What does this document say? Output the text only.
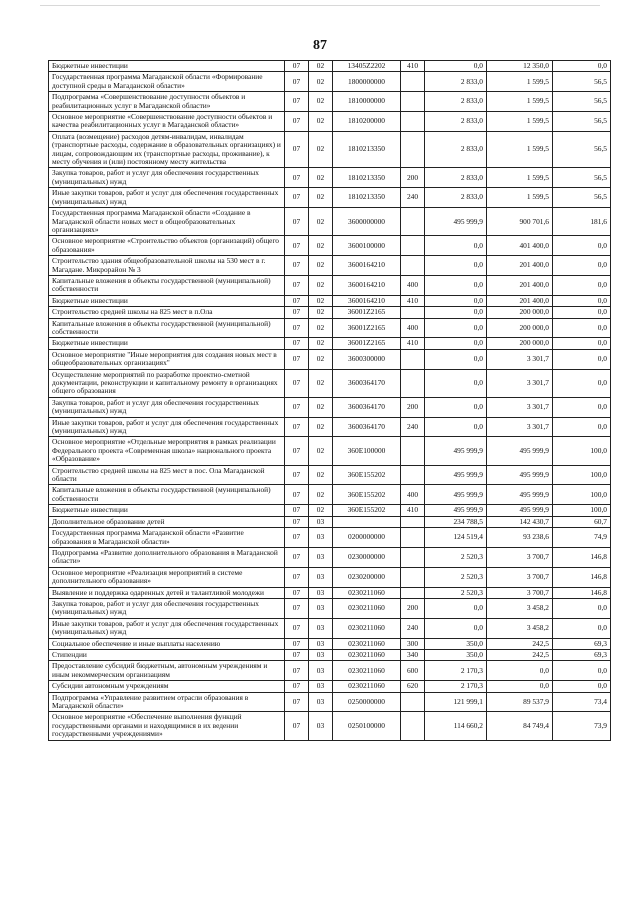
87
Бюджетные инвестиции	07	02	13405Z2202	410	0,0	12 350,0	0,0
Государственная программа Магаданской области «Формирование доступной среды в Магаданской области»	07	02	1800000000		2 833,0	1 599,5	56,5
Подпрограмма «Совершенствование доступности объектов и реабилитационных услуг в Магаданской области»	07	02	1810000000		2 833,0	1 599,5	56,5
Основное мероприятие «Совершенствование доступности объектов и качества реабилитационных услуг в Магаданской области»	07	02	1810200000		2 833,0	1 599,5	56,5
Оплата (возмещение) расходов детям-инвалидам, инвалидам (транспортные расходы, содержание в образовательных организациях) и лицам, сопровождающим их (транспортные расходы, проживание), к месту обучения и (или) постоянному месту жительства	07	02	1810213350		2 833,0	1 599,5	56,5
Закупка товаров, работ и услуг для обеспечения государственных (муниципальных) нужд	07	02	1810213350	200	2 833,0	1 599,5	56,5
Иные закупки товаров, работ и услуг для обеспечения государственных (муниципальных) нужд	07	02	1810213350	240	2 833,0	1 599,5	56,5
Государственная программа Магаданской области «Создание в Магаданской области новых мест в общеобразовательных организациях»	07	02	3600000000		495 999,9	900 701,6	181,6
Основное мероприятие «Строительство объектов (организаций) общего образования»	07	02	3600100000		0,0	401 400,0	0,0
Строительство здания общеобразовательной школы на 530 мест в г. Магадане. Микрорайон № 3	07	02	3600164210		0,0	201 400,0	0,0
Капитальные вложения в объекты государственной (муниципальной) собственности	07	02	3600164210	400	0,0	201 400,0	0,0
Бюджетные инвестиции	07	02	3600164210	410	0,0	201 400,0	0,0
Строительство средней школы на 825 мест в п.Ола	07	02	36001Z2165		0,0	200 000,0	0,0
Капитальные вложения в объекты государственной (муниципальной) собственности	07	02	36001Z2165	400	0,0	200 000,0	0,0
Бюджетные инвестиции	07	02	36001Z2165	410	0,0	200 000,0	0,0
Основное мероприятие "Иные мероприятия для создания новых мест в общеобразовательных организациях"	07	02	3600300000		0,0	3 301,7	0,0
Осуществление мероприятий по разработке проектно-сметной документации, реконструкции и капитальному ремонту в организациях общего образования	07	02	3600364170		0,0	3 301,7	0,0
Закупка товаров, работ и услуг для обеспечения государственных (муниципальных) нужд	07	02	3600364170	200	0,0	3 301,7	0,0
Иные закупки товаров, работ и услуг для обеспечения государственных (муниципальных) нужд	07	02	3600364170	240	0,0	3 301,7	0,0
Основное мероприятие «Отдельные мероприятия в рамках реализации Федерального проекта «Современная школа» национального проекта «Образование»	07	02	360E100000		495 999,9	495 999,9	100,0
Строительство средней школы на 825 мест в пос. Ола Магаданской области	07	02	360E155202		495 999,9	495 999,9	100,0
Капитальные вложения в объекты государственной (муниципальной) собственности	07	02	360E155202	400	495 999,9	495 999,9	100,0
Бюджетные инвестиции	07	02	360E155202	410	495 999,9	495 999,9	100,0
Дополнительное образование детей	07	03			234 788,5	142 430,7	60,7
Государственная программа Магаданской области «Развитие образования в Магаданской области»	07	03	0200000000		124 519,4	93 238,6	74,9
Подпрограмма «Развитие дополнительного образования в Магаданской области»	07	03	0230000000		2 520,3	3 700,7	146,8
Основное мероприятие «Реализация мероприятий в системе дополнительного образования»	07	03	0230200000		2 520,3	3 700,7	146,8
Выявление и поддержка одаренных детей и талантливой молодежи	07	03	0230211060		2 520,3	3 700,7	146,8
Закупка товаров, работ и услуг для обеспечения государственных (муниципальных) нужд	07	03	0230211060	200	0,0	3 458,2	0,0
Иные закупки товаров, работ и услуг для обеспечения государственных (муниципальных) нужд	07	03	0230211060	240	0,0	3 458,2	0,0
Социальное обеспечение и иные выплаты населению	07	03	0230211060	300	350,0	242,5	69,3
Стипендии	07	03	0230211060	340	350,0	242,5	69,3
Предоставление субсидий бюджетным, автономным учреждениям и иным некоммерческим организациям	07	03	0230211060	600	2 170,3	0,0	0,0
Субсидии автономным учреждениям	07	03	0230211060	620	2 170,3	0,0	0,0
Подпрограмма «Управление развитием отрасли образования в Магаданской области»	07	03	0250000000		121 999,1	89 537,9	73,4
Основное мероприятие «Обеспечение выполнения функций государственными органами и находящимися в их ведении государственными учреждениями»	07	03	0250100000		114 660,2	84 749,4	73,9
